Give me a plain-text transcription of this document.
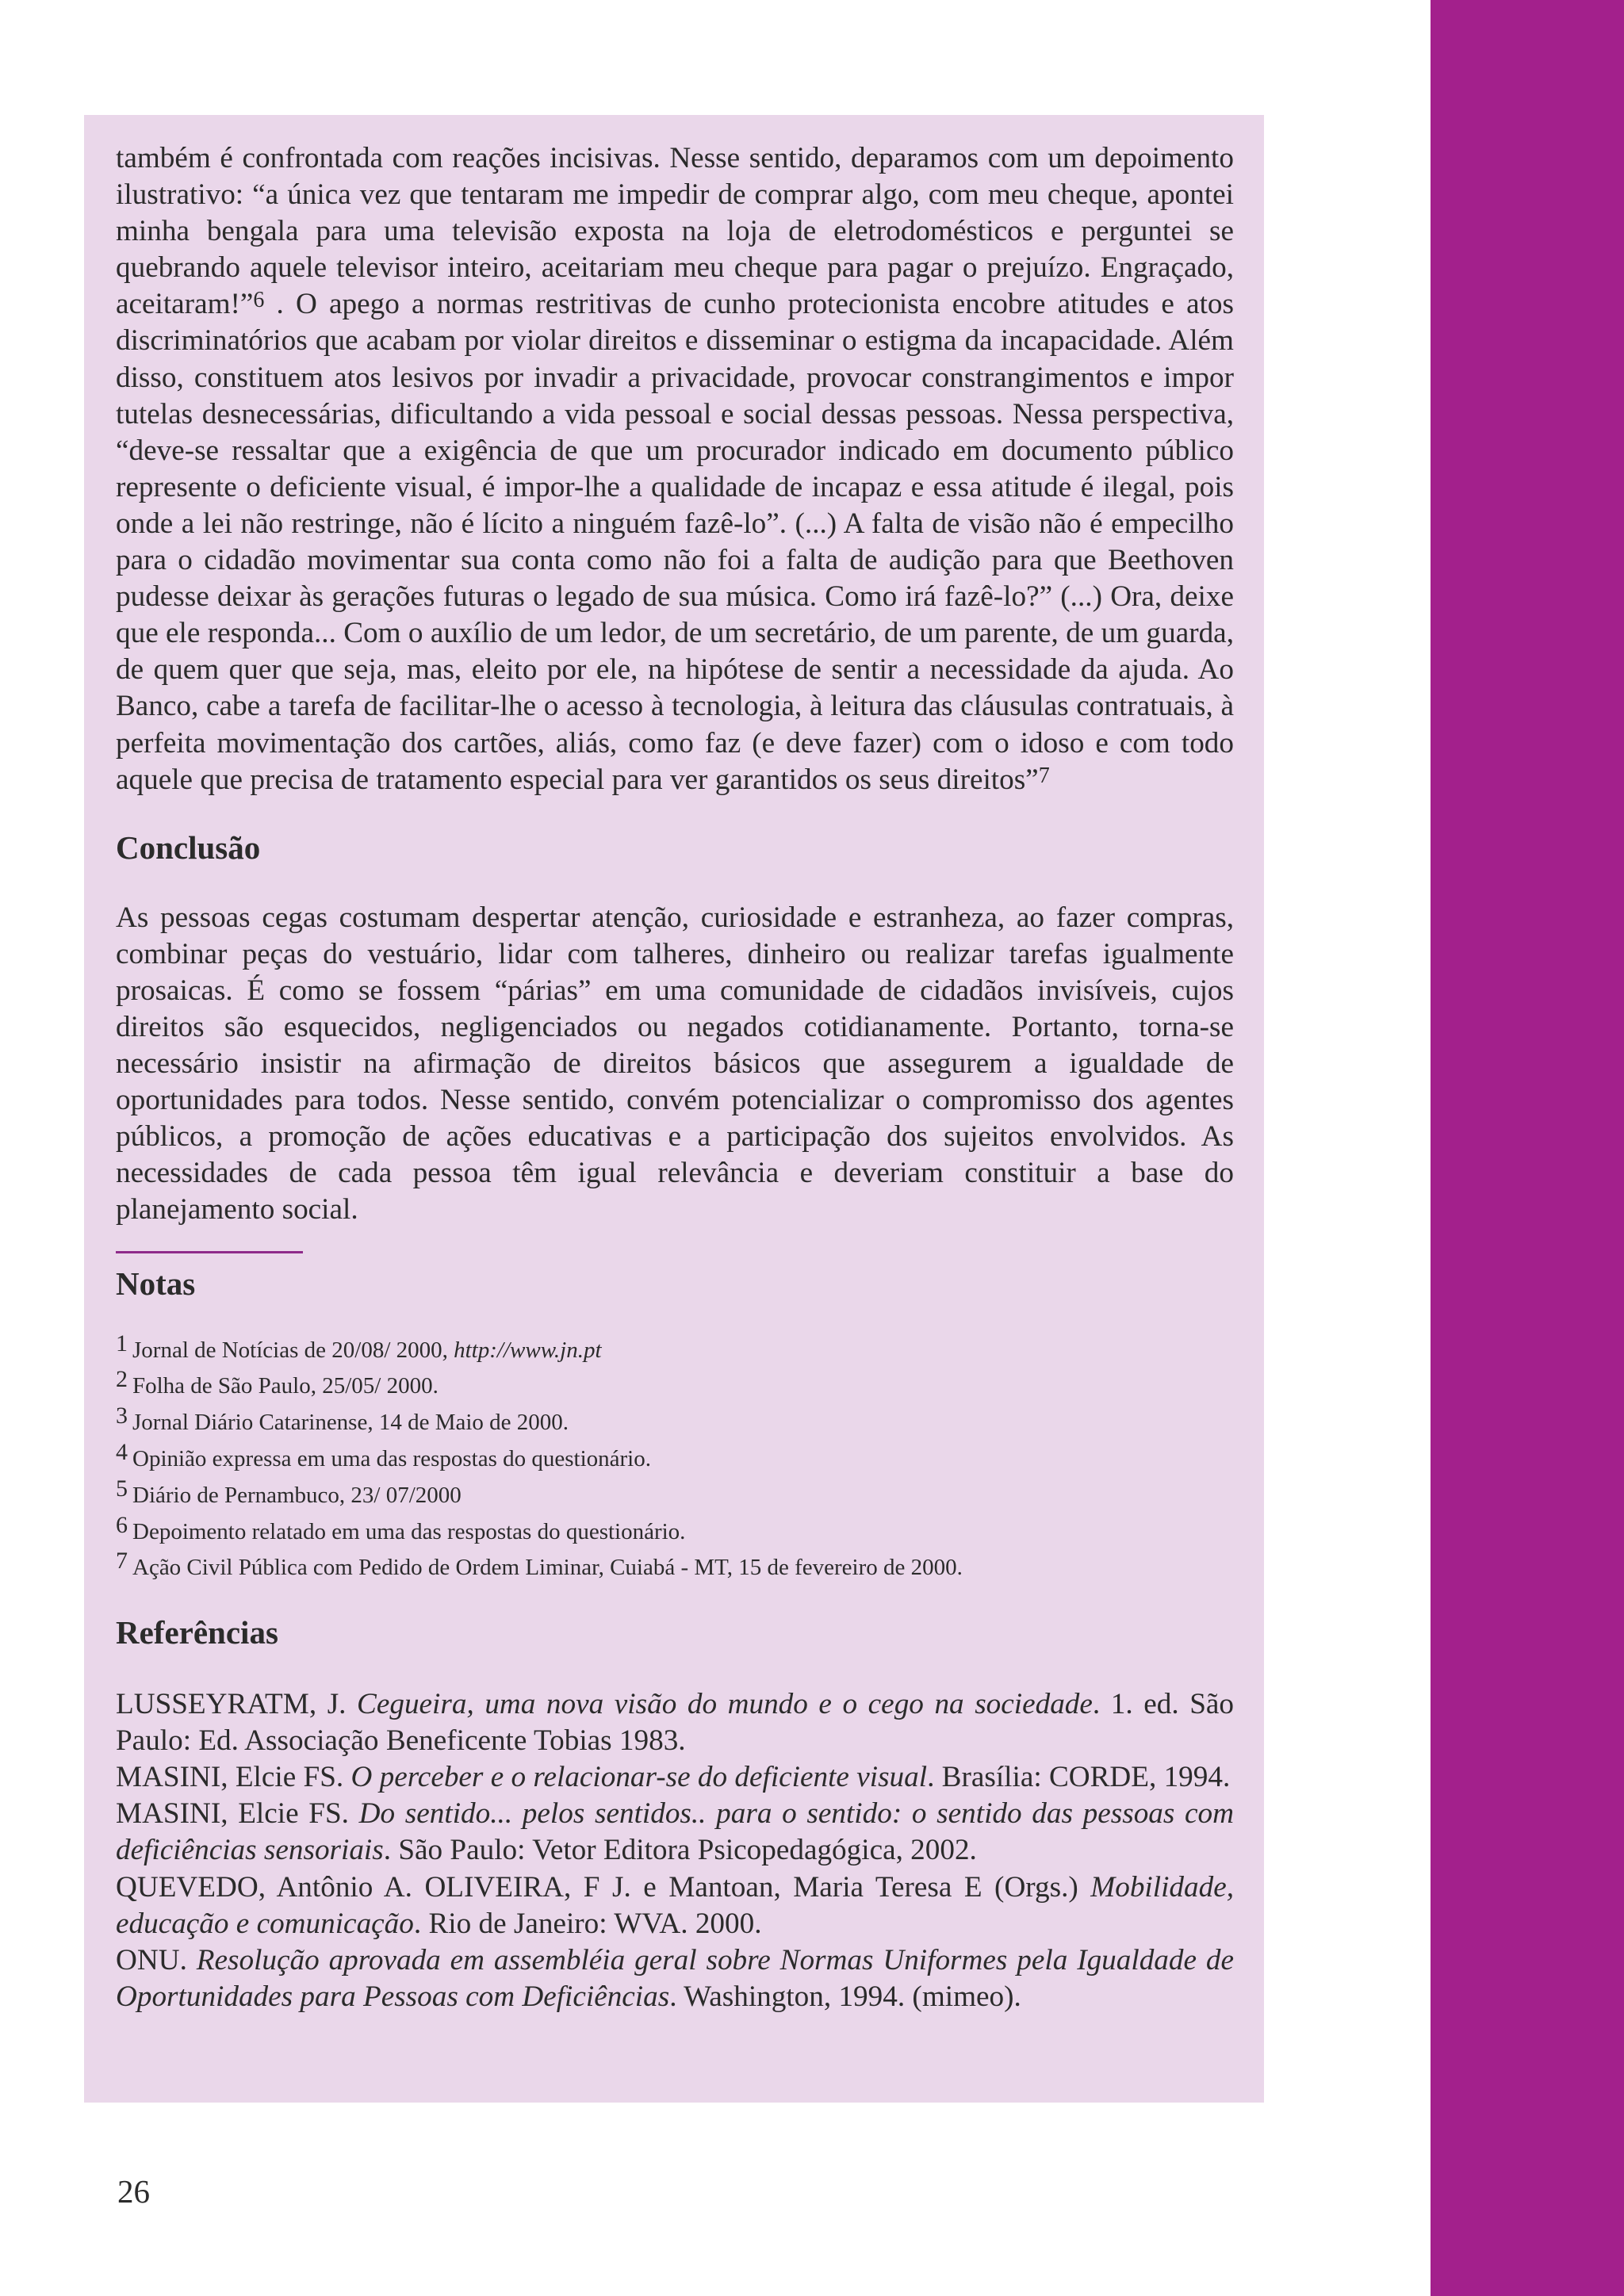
também é confrontada com reações incisivas. Nesse sentido, deparamos com um depoimento ilustrativo: “a única vez que tentaram me impedir de comprar algo, com meu cheque, apontei minha bengala para uma televisão exposta na loja de eletrodomésticos e perguntei se quebrando aquele televisor inteiro, aceitariam meu cheque para pagar o prejuízo. Engraçado, aceitaram!”$^6$ . O apego a normas restritivas de cunho protecionista encobre atitudes e atos discriminatórios que acabam por violar direitos e disseminar o estigma da incapacidade. Além disso, constituem atos lesivos por invadir a privacidade, provocar constrangimentos e impor tutelas desnecessárias, dificultando a vida pessoal e social dessas pessoas. Nessa perspectiva, “deve-se ressaltar que a exigência de que um procurador indicado em documento público represente o deficiente visual, é impor-lhe a qualidade de incapaz e essa atitude é ilegal, pois onde a lei não restringe, não é lícito a ninguém fazê-lo”. (...) A falta de visão não é empecilho para o cidadão movimentar sua conta como não foi a falta de audição para que Beethoven pudesse deixar às gerações futuras o legado de sua música. Como irá fazê-lo?” (...) Ora, deixe que ele responda... Com o auxílio de um ledor, de um secretário, de um parente, de um guarda, de quem quer que seja, mas, eleito por ele, na hipótese de sentir a necessidade da ajuda. Ao Banco, cabe a tarefa de facilitar-lhe o acesso à tecnologia, à leitura das cláusulas contratuais, à perfeita movimentação dos cartões, aliás, como faz (e deve fazer) com o idoso e com todo aquele que precisa de tratamento especial para ver garantidos os seus direitos”$^7$

Conclusão

As pessoas cegas costumam despertar atenção, curiosidade e estranheza, ao fazer compras, combinar peças do vestuário, lidar com talheres, dinheiro ou realizar tarefas igualmente prosaicas. É como se fossem “párias” em uma comunidade de cidadãos invisíveis, cujos direitos são esquecidos, negligenciados ou negados cotidianamente. Portanto, torna-se necessário insistir na afirmação de direitos básicos que assegurem a igualdade de oportunidades para todos. Nesse sentido, convém potencializar o compromisso dos agentes públicos, a promoção de ações educativas e a participação dos sujeitos envolvidos. As necessidades de cada pessoa têm igual relevância e deveriam constituir a base do planejamento social.

Notas
1 Jornal de Notícias de 20/08/ 2000, http://www.jn.pt
2 Folha de São Paulo, 25/05/ 2000.
3 Jornal Diário Catarinense, 14 de Maio de 2000.
4 Opinião expressa em uma das respostas do questionário.
5 Diário de Pernambuco, 23/ 07/2000
6 Depoimento relatado em uma das respostas do questionário.
7 Ação Civil Pública com Pedido de Ordem Liminar, Cuiabá - MT, 15 de fevereiro de 2000.
Referências

LUSSEYRATM, J. Cegueira, uma nova visão do mundo e o cego na sociedade. 1. ed. São Paulo: Ed. Associação Beneficente Tobias 1983.

MASINI, Elcie FS. O perceber e o relacionar-se do deficiente visual. Brasília: CORDE, 1994.

MASINI, Elcie FS. Do sentido... pelos sentidos.. para o sentido: o sentido das pessoas com deficiências sensoriais. São Paulo: Vetor Editora Psicopedagógica, 2002.

QUEVEDO, Antônio A. OLIVEIRA, F J. e Mantoan, Maria Teresa E (Orgs.) Mobilidade, educação e comunicação. Rio de Janeiro: WVA. 2000.

ONU. Resolução aprovada em assembléia geral sobre Normas Uniformes pela Igualdade de Oportunidades para Pessoas com Deficiências. Washington, 1994. (mimeo).

26
